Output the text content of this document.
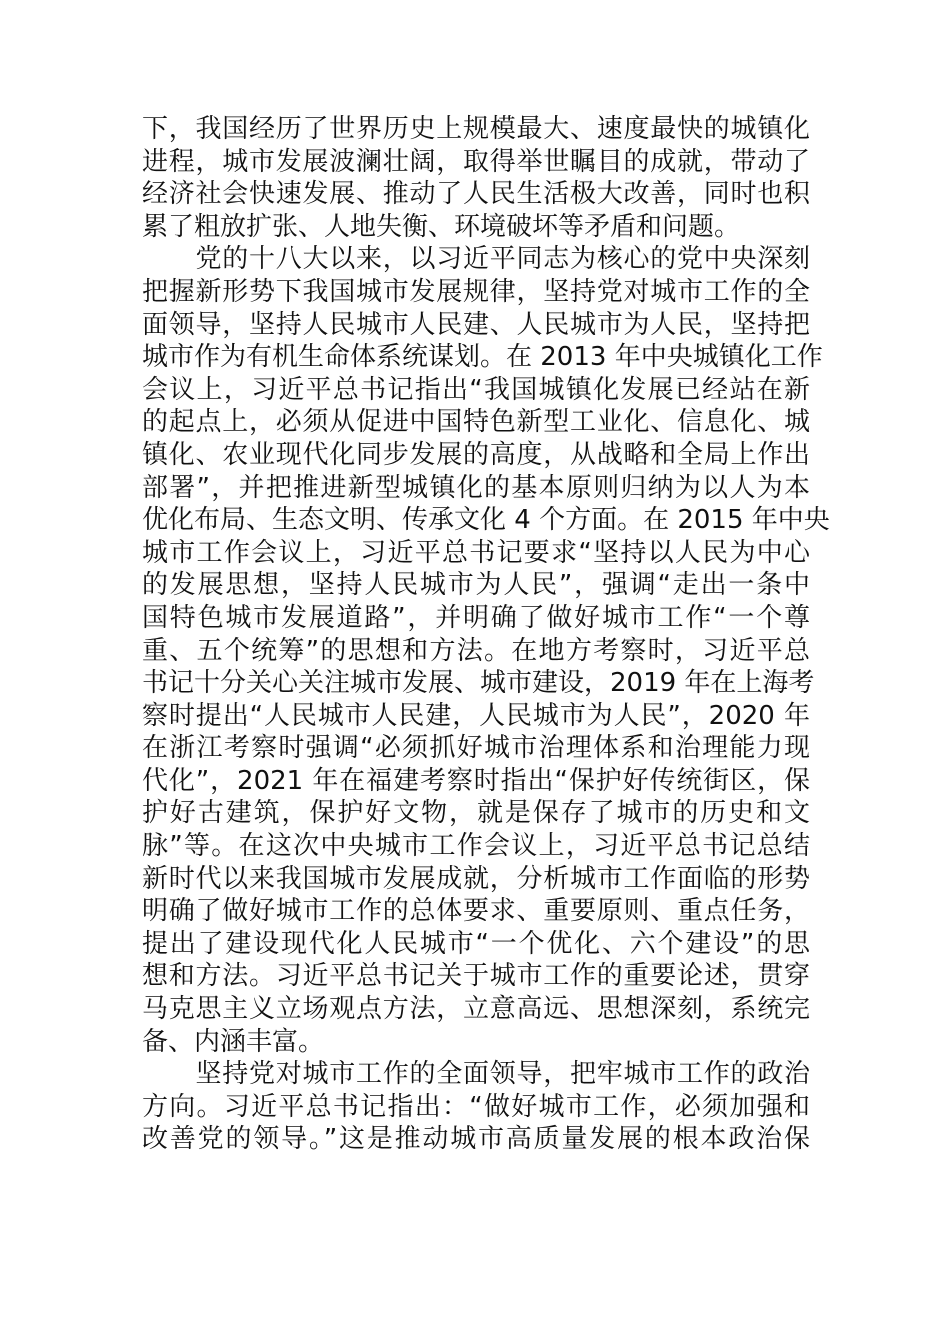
下，我国经历了世界历史上规模最大、速度最快的城镇化
进程，城市发展波澜壮阔，取得举世瞩目的成就，带动了
经济社会快速发展、推动了人民生活极大改善，同时也积
累了粗放扩张、人地失衡、环境破坏等矛盾和问题。
　　党的十八大以来，以习近平同志为核心的党中央深刻
把握新形势下我国城市发展规律，坚持党对城市工作的全
面领导，坚持人民城市人民建、人民城市为人民，坚持把
城市作为有机生命体系统谋划。在 2013 年中央城镇化工作
会议上，习近平总书记指出“我国城镇化发展已经站在新
的起点上，必须从促进中国特色新型工业化、信息化、城
镇化、农业现代化同步发展的高度，从战略和全局上作出
部署”，并把推进新型城镇化的基本原则归纳为以人为本
优化布局、生态文明、传承文化 4 个方面。在 2015 年中央
城市工作会议上，习近平总书记要求“坚持以人民为中心
的发展思想，坚持人民城市为人民”，强调“走出一条中
国特色城市发展道路”，并明确了做好城市工作“一个尊
重、五个统筹”的思想和方法。在地方考察时，习近平总
书记十分关心关注城市发展、城市建设，2019 年在上海考
察时提出“人民城市人民建，人民城市为人民”，2020 年
在浙江考察时强调“必须抓好城市治理体系和治理能力现
代化”，2021 年在福建考察时指出“保护好传统街区，保
护好古建筑，保护好文物，就是保存了城市的历史和文
脉”等。在这次中央城市工作会议上，习近平总书记总结
新时代以来我国城市发展成就，分析城市工作面临的形势
明确了做好城市工作的总体要求、重要原则、重点任务，
提出了建设现代化人民城市“一个优化、六个建设”的思
想和方法。习近平总书记关于城市工作的重要论述，贯穿
马克思主义立场观点方法，立意高远、思想深刻，系统完
备、内涵丰富。
　　坚持党对城市工作的全面领导，把牢城市工作的政治
方向。习近平总书记指出：“做好城市工作，必须加强和
改善党的领导。”这是推动城市高质量发展的根本政治保
